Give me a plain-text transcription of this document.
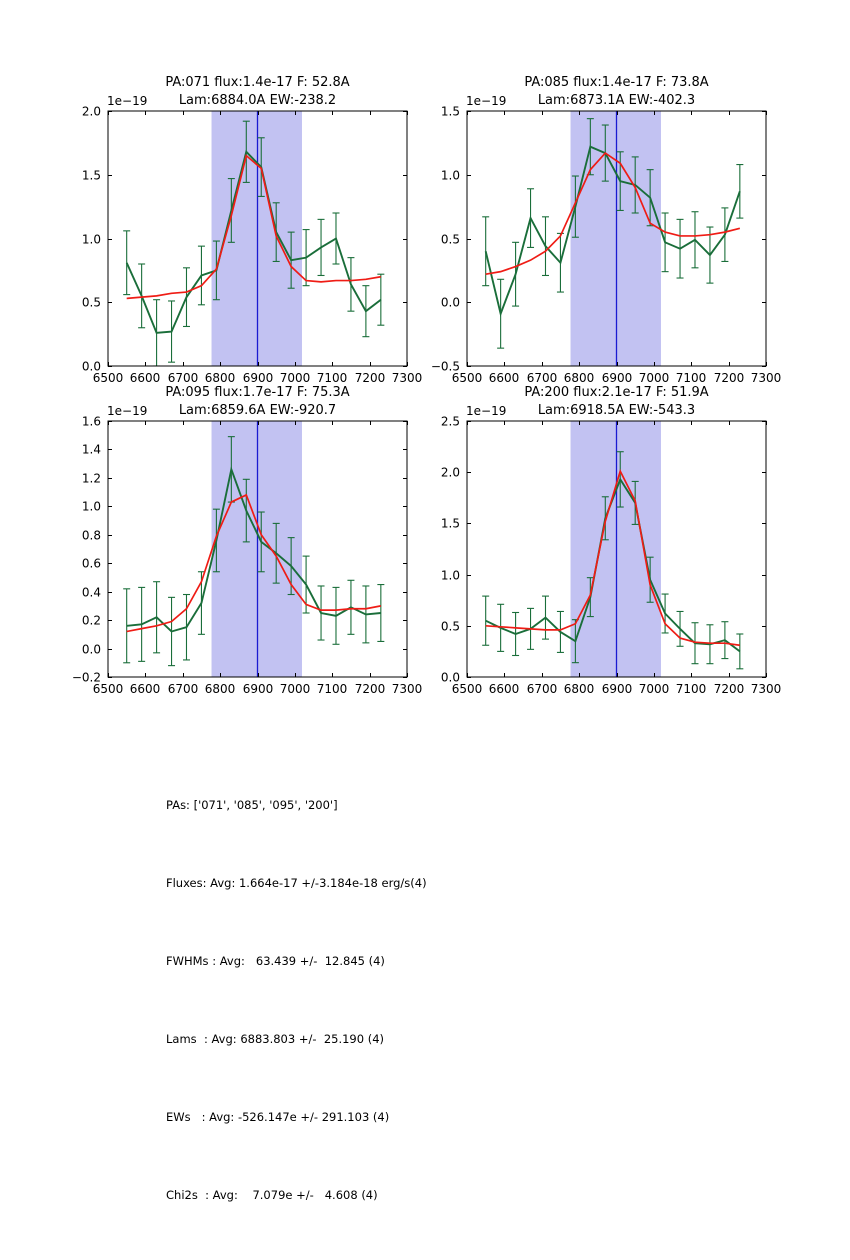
6500 6600 6700 6800 6900 7000 7100 7200 7300
0.0
0.5
1.0
1.5
2.0
1e−19
PA:071 flux:1.4e-17 F: 52.8A
Lam:6884.0A EW:-238.2
6500 6600 6700 6800 6900 7000 7100 7200 7300
−0.5
0.0
0.5
1.0
1.5
1e−19
PA:085 flux:1.4e-17 F: 73.8A
Lam:6873.1A EW:-402.3
6500 6600 6700 6800 6900 7000 7100 7200 7300
−0.2
0.0
0.2
0.4
0.6
0.8
1.0
1.2
1.4
1.6
1e−19
PA:095 flux:1.7e-17 F: 75.3A
Lam:6859.6A EW:-920.7
6500 6600 6700 6800 6900 7000 7100 7200 7300
0.0
0.5
1.0
1.5
2.0
2.5
1e−19
PA:200 flux:2.1e-17 F: 51.9A
Lam:6918.5A EW:-543.3

PAs: ['071', '085', '095', '200']

Fluxes: Avg: 1.664e-17 +/-3.184e-18 erg/s(4)

FWHMs : Avg:   63.439 +/-  12.845 (4)

Lams  : Avg: 6883.803 +/-  25.190 (4)

EWs   : Avg: -526.147e +/- 291.103 (4)

Chi2s  : Avg:    7.079e +/-   4.608 (4)
